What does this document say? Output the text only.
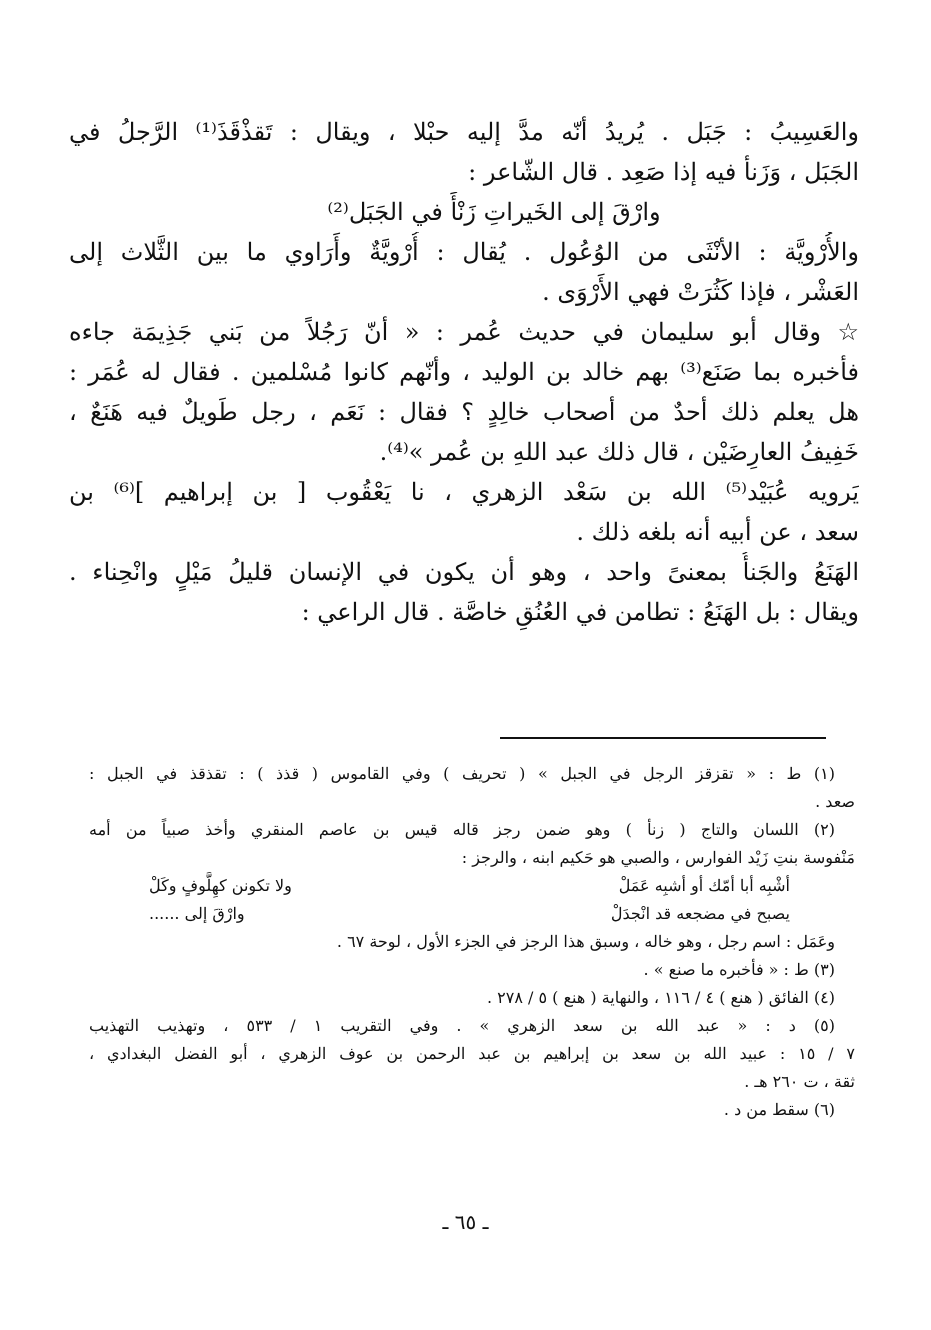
والعَسِيبُ : جَبَل . يُريدُ أنّه مدَّ إليه حبْلا ، ويقال : تَقذْقَذَ⁽¹⁾ الرَّجلُ في
الجَبَل ، وَزَنأ فيه إذا صَعِد . قال الشّاعر :
وارْقَ إلى الخَيراتِ زَنْأً في الجَبَل⁽²⁾
والأُرْويَّة : الأنْثَى من الوُعُول . يُقال : أُرْويَّةٌ وأَرَاوي ما بين الثَّلاث إلى
العَشْر ، فإذا كَثُرَتْ فهي الأَرْوَى .
☆ وقال أبو سليمان في حديث عُمر : « أنّ رَجُلاً من بَني جَذِيمَة جاءه
فأخبره بما صَنَع⁽³⁾ بهم خالد بن الوليد ، وأنّهم كانوا مُسْلمين . فقال له عُمَر :
هل يعلم ذلك أحدٌ من أصحاب خالِدٍ ؟ فقال : نَعَم ، رجل طَويلٌ فيه هَنَعٌ ،
خَفِيفُ العارِضَيْن ، قال ذلك عبد اللهِ بن عُمر »⁽⁴⁾.
يَرويه عُبَيْد⁽⁵⁾ الله بن سَعْد الزهري ، نا يَعْقُوب [ بن إبراهيم ]⁽⁶⁾ بن
سعد ، عن أبيه أنه بلغه ذلك .
الهَنَعُ والجَنأُ بمعنىً واحد ، وهو أن يكون في الإنسان قليلُ مَيْلٍ وانْحِناء .
ويقال : بل الهَنَعُ : تطامن في العُنُقِ خاصَّة . قال الراعي :
(١) ط : « تقزقز الرجل في الجبل » ( تحريف ) وفي القاموس ( قذذ ) : تقذقذ في الجبل :
صعد .
(٢) اللسان والتاج ( زنأ ) وهو ضمن رجز قاله قيس بن عاصم المنقري وأخذ صبياً من أمه
مَنْفوسة بنتِ زَيْد الفوارس ، والصبي هو حَكيم ابنه ، والرجز :
أشْبِه أبا أمّك أو أشبِه عَمَلْ
ولا تكونن كهِلَّوفٍ وكَلْ
يصبح في مضجعه قد انْجدَلْ
وارْقَ إلى ......
وعَمَل : اسم رجل ، وهو خاله ، وسبق هذا الرجز في الجزء الأول ، لوحة ٦٧ .
(٣) ط : « فأخبره ما صنع » .
(٤) الفائق ( هنع ) ٤ / ١١٦ ، والنهاية ( هنع ) ٥ / ٢٧٨ .
(٥) د : « عبد الله بن سعد الزهري » . وفي التقريب ١ / ٥٣٣ ، وتهذيب التهذيب
٧ / ١٥ : عبيد الله بن سعد بن إبراهيم بن عبد الرحمن بن عوف الزهري ، أبو الفضل البغدادي ،
ثقة ، ت ٢٦٠ هـ .
(٦) سقط من د .
ـ ٦٥ ـ
